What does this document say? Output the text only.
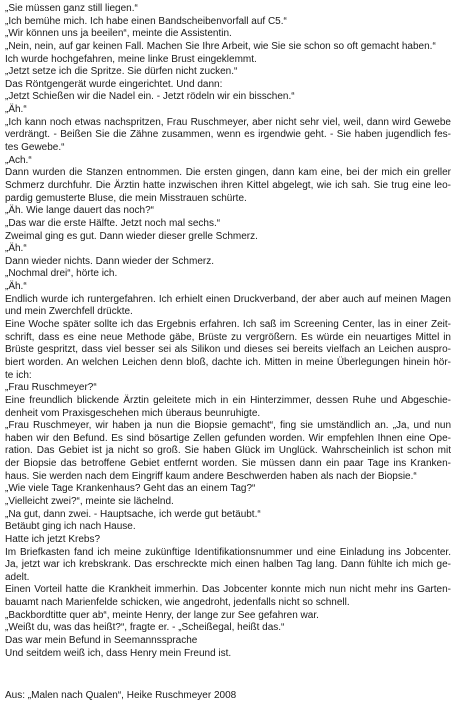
„Sie müssen ganz still liegen.“
„Ich bemühe mich. Ich habe einen Bandscheibenvorfall auf C5.“
„Wir können uns ja beeilen“, meinte die Assistentin.
„Nein, nein, auf gar keinen Fall. Machen Sie Ihre Arbeit, wie Sie sie schon so oft gemacht haben.“
Ich wurde hochgefahren, meine linke Brust eingeklemmt.
„Jetzt setze ich die Spritze. Sie dürfen nicht zucken.“
Das Röntgengerät wurde eingerichtet. Und dann:
„Jetzt Schießen wir die Nadel ein. - Jetzt rödeln wir ein bisschen.“
„Äh.“
„Ich kann noch etwas nachspritzen, Frau Ruschmeyer, aber nicht sehr viel, weil, dann wird Gewebe
verdrängt. - Beißen Sie die Zähne zusammen, wenn es irgendwie geht. - Sie haben jugendlich fes-
tes Gewebe.“
„Ach.“
Dann wurden die Stanzen entnommen. Die ersten gingen, dann kam eine, bei der mich ein greller
Schmerz durchfuhr. Die Ärztin hatte inzwischen ihren Kittel abgelegt, wie ich sah. Sie trug eine leo-
pardig gemusterte Bluse, die mein Misstrauen schürte.
„Äh. Wie lange dauert das noch?“
„Das war die erste Hälfte. Jetzt noch mal sechs.“
Zweimal ging es gut. Dann wieder dieser grelle Schmerz.
„Äh.“
Dann wieder nichts. Dann wieder der Schmerz.
„Nochmal drei“, hörte ich.
„Äh.“
Endlich wurde ich runtergefahren. Ich erhielt einen Druckverband, der aber auch auf meinen Magen
und mein Zwerchfell drückte.
Eine Woche später sollte ich das Ergebnis erfahren. Ich saß im Screening Center, las in einer Zeit-
schrift, dass es eine neue Methode gäbe, Brüste zu vergrößern. Es würde ein neuartiges Mittel in
Brüste gespritzt, dass viel besser sei als Silikon und dieses sei bereits vielfach an Leichen auspro-
biert worden. An welchen Leichen denn bloß, dachte ich. Mitten in meine Überlegungen hinein hör-
te ich:
„Frau Ruschmeyer?“
Eine freundlich blickende Ärztin geleitete mich in ein Hinterzimmer, dessen Ruhe und Abgeschie-
denheit vom Praxisgeschehen mich überaus beunruhigte.
„Frau Ruschmeyer, wir haben ja nun die Biopsie gemacht“, fing sie umständlich an. „Ja, und nun
haben wir den Befund. Es sind bösartige Zellen gefunden worden. Wir empfehlen Ihnen eine Ope-
ration. Das Gebiet ist ja nicht so groß. Sie haben Glück im Unglück. Wahrscheinlich ist schon mit
der Biopsie das betroffene Gebiet entfernt worden. Sie müssen dann ein paar Tage ins Kranken-
haus. Sie werden nach dem Eingriff kaum andere Beschwerden haben als nach der Biopsie.“
„Wie viele Tage Krankenhaus? Geht das an einem Tag?“
„Vielleicht zwei?“, meinte sie lächelnd.
„Na gut, dann zwei. - Hauptsache, ich werde gut betäubt.“
Betäubt ging ich nach Hause.
Hatte ich jetzt Krebs?
Im Briefkasten fand ich meine zukünftige Identifikationsnummer und eine Einladung ins Jobcenter.
Ja, jetzt war ich krebskrank. Das erschreckte mich einen halben Tag lang. Dann fühlte ich mich ge-
adelt.
Einen Vorteil hatte die Krankheit immerhin. Das Jobcenter konnte mich nun nicht mehr ins Garten-
bauamt nach Marienfelde schicken, wie angedroht, jedenfalls nicht so schnell.
„Backbordtitte quer ab“, meinte Henry, der lange zur See gefahren war.
„Weißt du, was das heißt?“, fragte er. - „Scheißegal, heißt das.“
Das war mein Befund in Seemannssprache
Und seitdem weiß ich, dass Henry mein Freund ist.
Aus: „Malen nach Qualen“, Heike Ruschmeyer 2008
